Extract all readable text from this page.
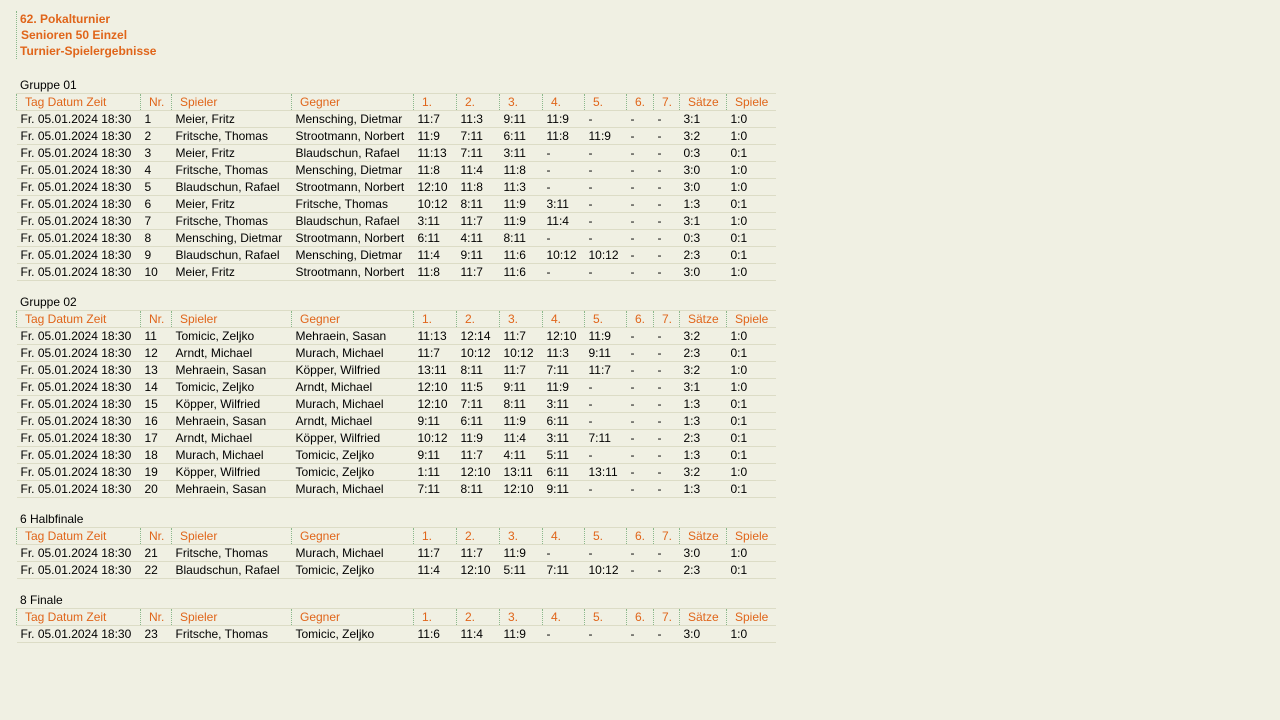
62. Pokalturnier
Senioren 50 Einzel
Turnier-Spielergebnisse
Gruppe 01
Tag Datum Zeit	Nr.	Spieler	Gegner	1.	2.	3.	4.	5.	6.	7.	Sätze	Spiele
Fr. 05.01.2024 18:30	1	Meier, Fritz	Mensching, Dietmar	11:7	11:3	9:11	11:9	-	-	-	3:1	1:0
Fr. 05.01.2024 18:30	2	Fritsche, Thomas	Strootmann, Norbert	11:9	7:11	6:11	11:8	11:9	-	-	3:2	1:0
Fr. 05.01.2024 18:30	3	Meier, Fritz	Blaudschun, Rafael	11:13	7:11	3:11	-	-	-	-	0:3	0:1
Fr. 05.01.2024 18:30	4	Fritsche, Thomas	Mensching, Dietmar	11:8	11:4	11:8	-	-	-	-	3:0	1:0
Fr. 05.01.2024 18:30	5	Blaudschun, Rafael	Strootmann, Norbert	12:10	11:8	11:3	-	-	-	-	3:0	1:0
Fr. 05.01.2024 18:30	6	Meier, Fritz	Fritsche, Thomas	10:12	8:11	11:9	3:11	-	-	-	1:3	0:1
Fr. 05.01.2024 18:30	7	Fritsche, Thomas	Blaudschun, Rafael	3:11	11:7	11:9	11:4	-	-	-	3:1	1:0
Fr. 05.01.2024 18:30	8	Mensching, Dietmar	Strootmann, Norbert	6:11	4:11	8:11	-	-	-	-	0:3	0:1
Fr. 05.01.2024 18:30	9	Blaudschun, Rafael	Mensching, Dietmar	11:4	9:11	11:6	10:12	10:12	-	-	2:3	0:1
Fr. 05.01.2024 18:30	10	Meier, Fritz	Strootmann, Norbert	11:8	11:7	11:6	-	-	-	-	3:0	1:0
Gruppe 02
Tag Datum Zeit	Nr.	Spieler	Gegner	1.	2.	3.	4.	5.	6.	7.	Sätze	Spiele
Fr. 05.01.2024 18:30	11	Tomicic, Zeljko	Mehraein, Sasan	11:13	12:14	11:7	12:10	11:9	-	-	3:2	1:0
Fr. 05.01.2024 18:30	12	Arndt, Michael	Murach, Michael	11:7	10:12	10:12	11:3	9:11	-	-	2:3	0:1
Fr. 05.01.2024 18:30	13	Mehraein, Sasan	Köpper, Wilfried	13:11	8:11	11:7	7:11	11:7	-	-	3:2	1:0
Fr. 05.01.2024 18:30	14	Tomicic, Zeljko	Arndt, Michael	12:10	11:5	9:11	11:9	-	-	-	3:1	1:0
Fr. 05.01.2024 18:30	15	Köpper, Wilfried	Murach, Michael	12:10	7:11	8:11	3:11	-	-	-	1:3	0:1
Fr. 05.01.2024 18:30	16	Mehraein, Sasan	Arndt, Michael	9:11	6:11	11:9	6:11	-	-	-	1:3	0:1
Fr. 05.01.2024 18:30	17	Arndt, Michael	Köpper, Wilfried	10:12	11:9	11:4	3:11	7:11	-	-	2:3	0:1
Fr. 05.01.2024 18:30	18	Murach, Michael	Tomicic, Zeljko	9:11	11:7	4:11	5:11	-	-	-	1:3	0:1
Fr. 05.01.2024 18:30	19	Köpper, Wilfried	Tomicic, Zeljko	1:11	12:10	13:11	6:11	13:11	-	-	3:2	1:0
Fr. 05.01.2024 18:30	20	Mehraein, Sasan	Murach, Michael	7:11	8:11	12:10	9:11	-	-	-	1:3	0:1
6 Halbfinale
Tag Datum Zeit	Nr.	Spieler	Gegner	1.	2.	3.	4.	5.	6.	7.	Sätze	Spiele
Fr. 05.01.2024 18:30	21	Fritsche, Thomas	Murach, Michael	11:7	11:7	11:9	-	-	-	-	3:0	1:0
Fr. 05.01.2024 18:30	22	Blaudschun, Rafael	Tomicic, Zeljko	11:4	12:10	5:11	7:11	10:12	-	-	2:3	0:1
8 Finale
Tag Datum Zeit	Nr.	Spieler	Gegner	1.	2.	3.	4.	5.	6.	7.	Sätze	Spiele
Fr. 05.01.2024 18:30	23	Fritsche, Thomas	Tomicic, Zeljko	11:6	11:4	11:9	-	-	-	-	3:0	1:0
